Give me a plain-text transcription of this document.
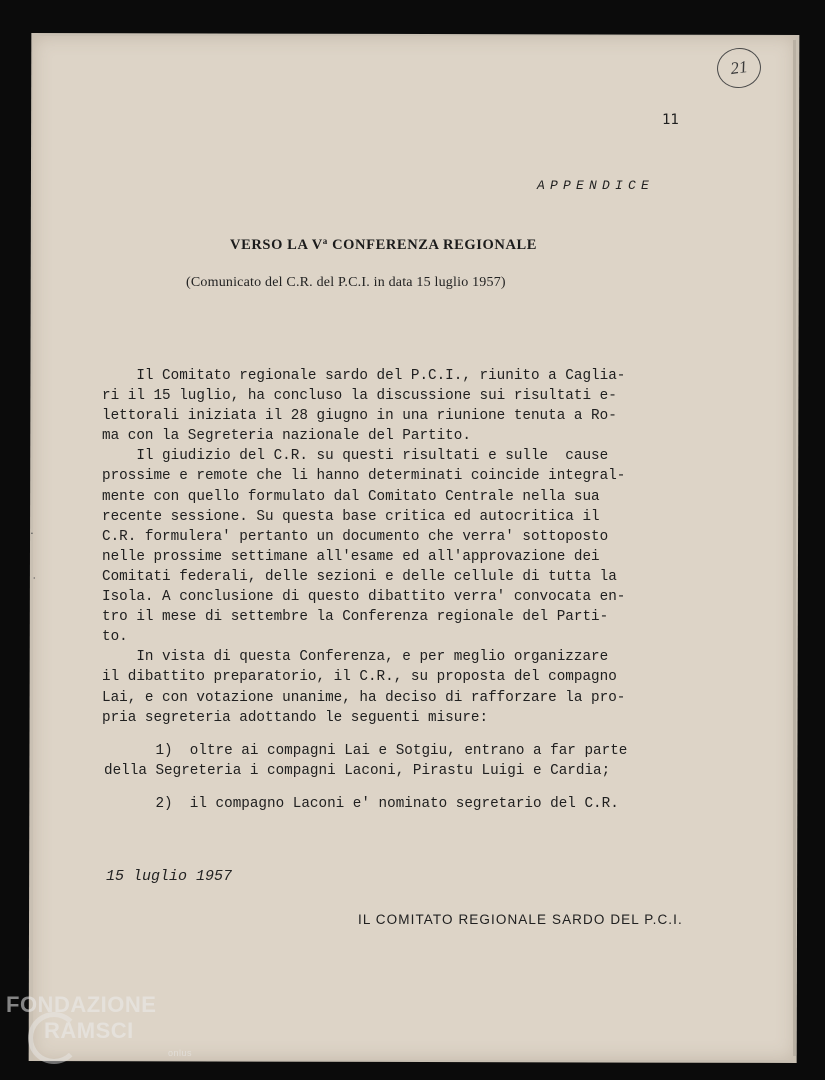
21
11
APPENDICE
VERSO LA $V^a$ CONFERENZA REGIONALE
(Comunicato del C.R. del P.C.I. in data 15 luglio 1957)
Il Comitato regionale sardo del P.C.I., riunito a Caglia-
ri il 15 luglio, ha concluso la discussione sui risultati e-
lettorali iniziata il 28 giugno in una riunione tenuta a Ro-
ma con la Segreteria nazionale del Partito.
Il giudizio del C.R. su questi risultati e sulle  cause
prossime e remote che li hanno determinati coincide integral-
mente con quello formulato dal Comitato Centrale nella sua
recente sessione. Su questa base critica ed autocritica il
C.R. formulera' pertanto un documento che verra' sottoposto
nelle prossime settimane all'esame ed all'approvazione dei
Comitati federali, delle sezioni e delle cellule di tutta la
Isola. A conclusione di questo dibattito verra' convocata en-
tro il mese di settembre la Conferenza regionale del Parti-
to.
In vista di questa Conferenza, e per meglio organizzare
il dibattito preparatorio, il C.R., su proposta del compagno
Lai, e con votazione unanime, ha deciso di rafforzare la pro-
pria segreteria adottando le seguenti misure:
1)  oltre ai compagni Lai e Sotgiu, entrano a far parte
della Segreteria i compagni Laconi, Pirastu Luigi e Cardia;
2)  il compagno Laconi e' nominato segretario del C.R.
15 luglio 1957
IL COMITATO REGIONALE SARDO DEL P.C.I.
ᐧ
ˈ
FONDAZIONE
RAMSCI
onlus
